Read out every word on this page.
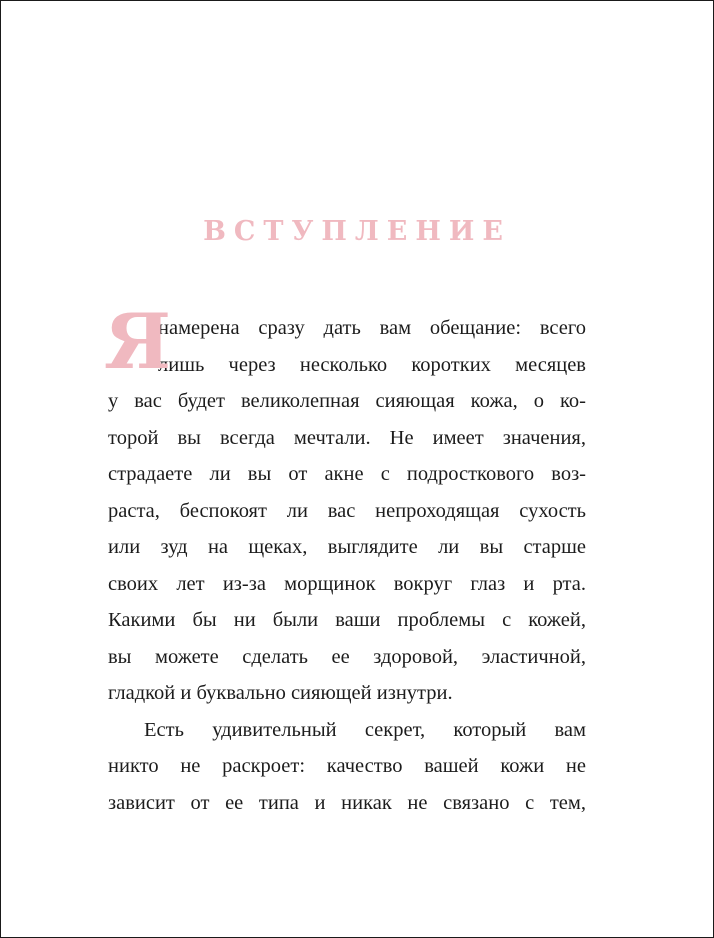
ВСТУПЛЕНИЕ
Я
намерена сразу дать вам обещание: всего
лишь через несколько коротких месяцев
у вас будет великолепная сияющая кожа, о ко-
торой вы всегда мечтали. Не имеет значения,
страдаете ли вы от акне с подросткового воз-
раста, беспокоят ли вас непроходящая сухость
или зуд на щеках, выглядите ли вы старше
своих лет из-за морщинок вокруг глаз и рта.
Какими бы ни были ваши проблемы с кожей,
вы можете сделать ее здоровой, эластичной,
гладкой и буквально сияющей изнутри.
Есть удивительный секрет, который вам
никто не раскроет: качество вашей кожи не
зависит от ее типа и никак не связано с тем,
